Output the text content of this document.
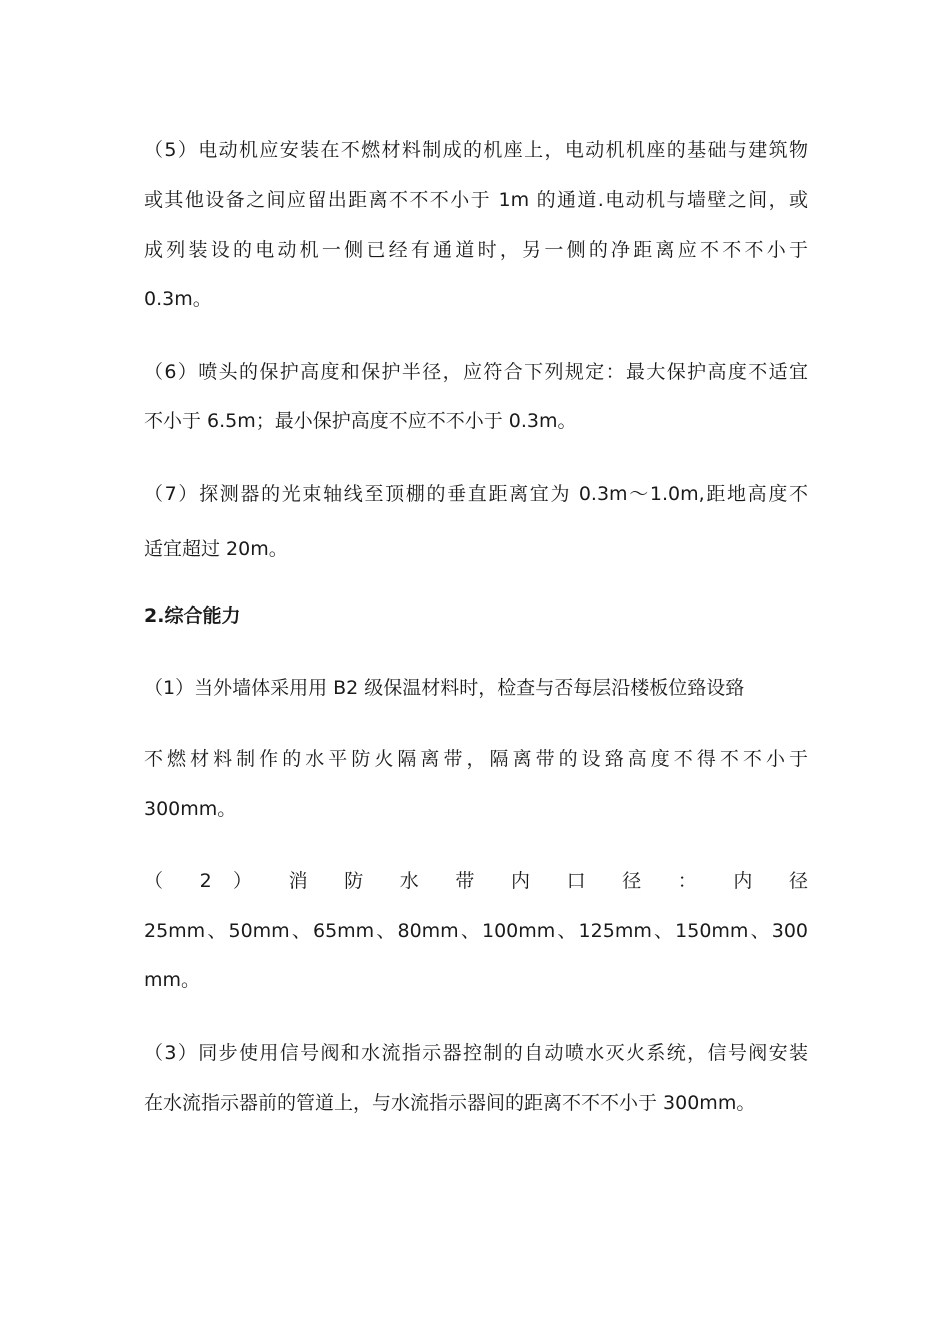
（5）电动机应安装在不燃材料制成的机座上，电动机机座的基础与建筑物
或其他设备之间应留出距离不不不小于 1m 的通道.电动机与墙壁之间，或
成列装设的电动机一侧已经有通道时，另一侧的净距离应不不不小于
0.3m。
（6）喷头的保护高度和保护半径，应符合下列规定：最大保护高度不适宜
不小于 6.5m；最小保护高度不应不不小于 0.3m。
（7）探测器的光束轴线至顶棚的垂直距离宜为 0.3m～1.0m,距地高度不
适宜超过 20m。
2.综合能力
（1）当外墙体采用用 B2 级保温材料时，检查与否每层沿楼板位臵设臵
不燃材料制作的水平防火隔离带，隔离带的设臵高度不得不不小于
300mm。
（ 2 ） 消 防 水 带 内 口 径 ： 内 径
25mm、50mm、65mm、80mm、100mm、125mm、150mm、300
mm。
（3）同步使用信号阀和水流指示器控制的自动喷水灭火系统，信号阀安装
在水流指示器前的管道上，与水流指示器间的距离不不不小于 300mm。
